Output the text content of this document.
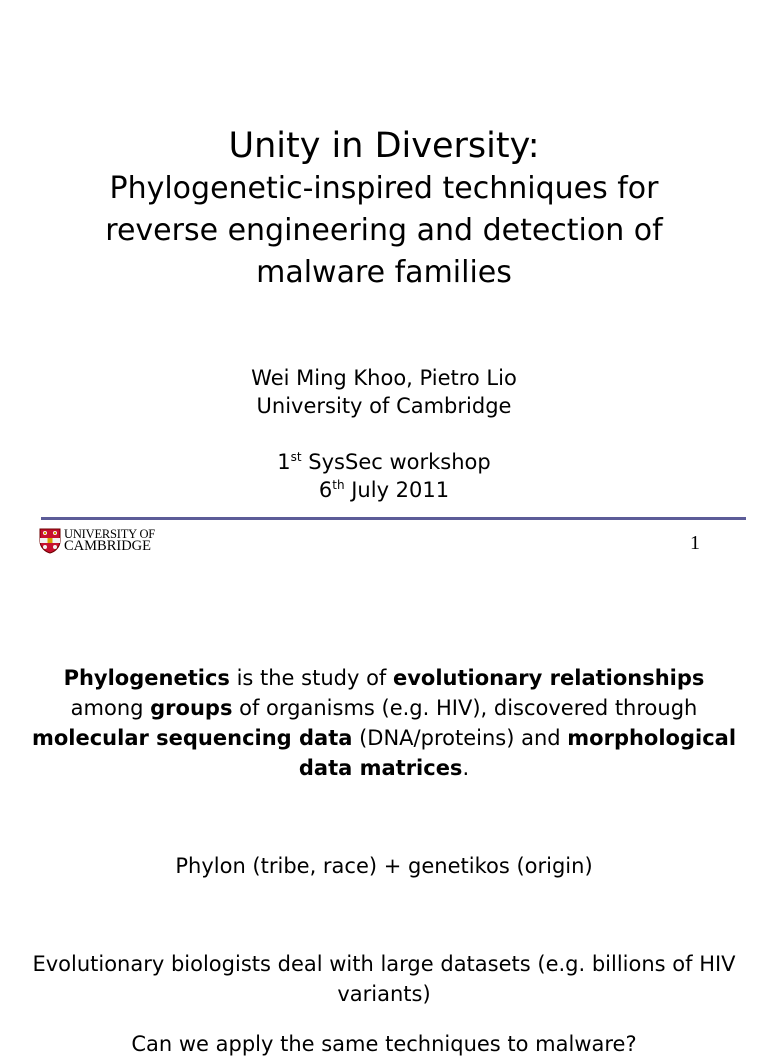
Unity in Diversity:

Phylogenetic-inspired techniques for reverse engineering and detection of malware families

Wei Ming Khoo, Pietro Lio
University of Cambridge
1st SysSec workshop
6th July 2011
UNIVERSITY OF
CAMBRIDGE	1

Phylogenetics is the study of evolutionary relationships among groups of organisms (e.g. HIV), discovered through molecular sequencing data (DNA/proteins) and morphological data matrices.

Phylon (tribe, race) + genetikos (origin)

Evolutionary biologists deal with large datasets (e.g. billions of HIV variants)

Can we apply the same techniques to malware?
